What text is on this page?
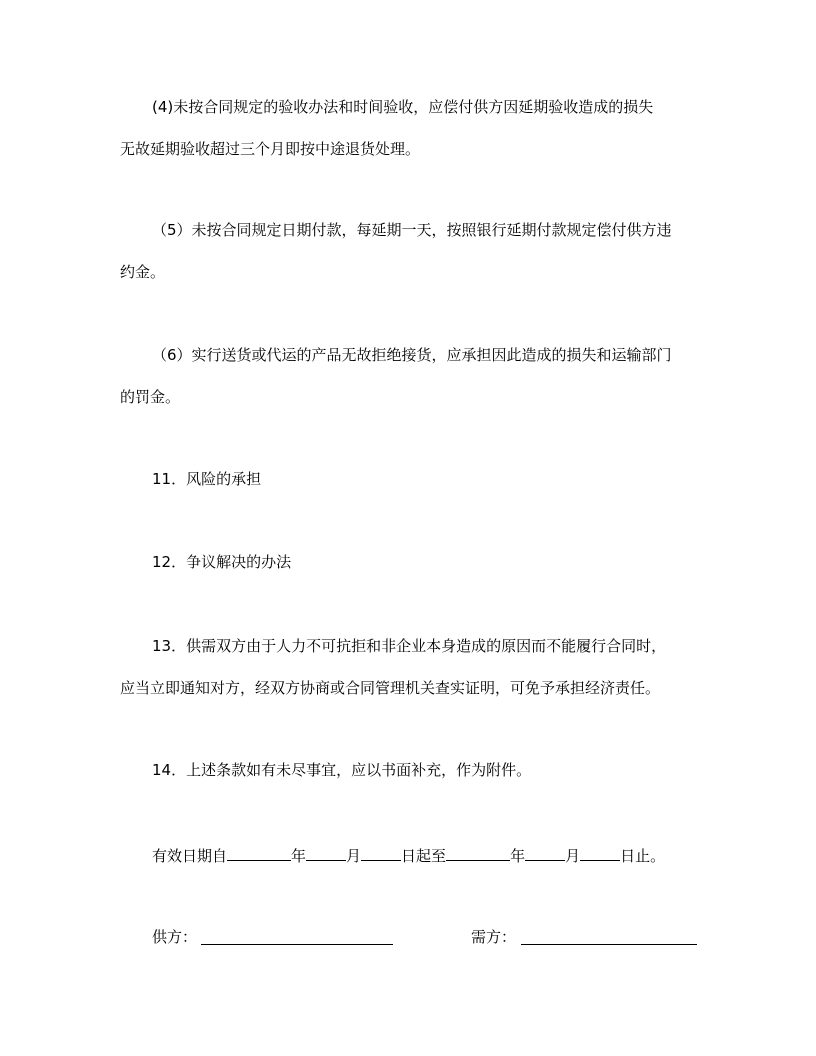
(4)未按合同规定的验收办法和时间验收，应偿付供方因延期验收造成的损失
无故延期验收超过三个月即按中途退货处理。
（5）未按合同规定日期付款，每延期一天，按照银行延期付款规定偿付供方违
约金。
（6）实行送货或代运的产品无故拒绝接货，应承担因此造成的损失和运输部门
的罚金。
11．风险的承担
12．争议解决的办法
13．供需双方由于人力不可抗拒和非企业本身造成的原因而不能履行合同时，
应当立即通知对方，经双方协商或合同管理机关查实证明，可免予承担经济责任。
14．上述条款如有未尽事宜，应以书面补充，作为附件。
有效日期自	年	月	日起至	年	月	日止。
供方：	需方：
